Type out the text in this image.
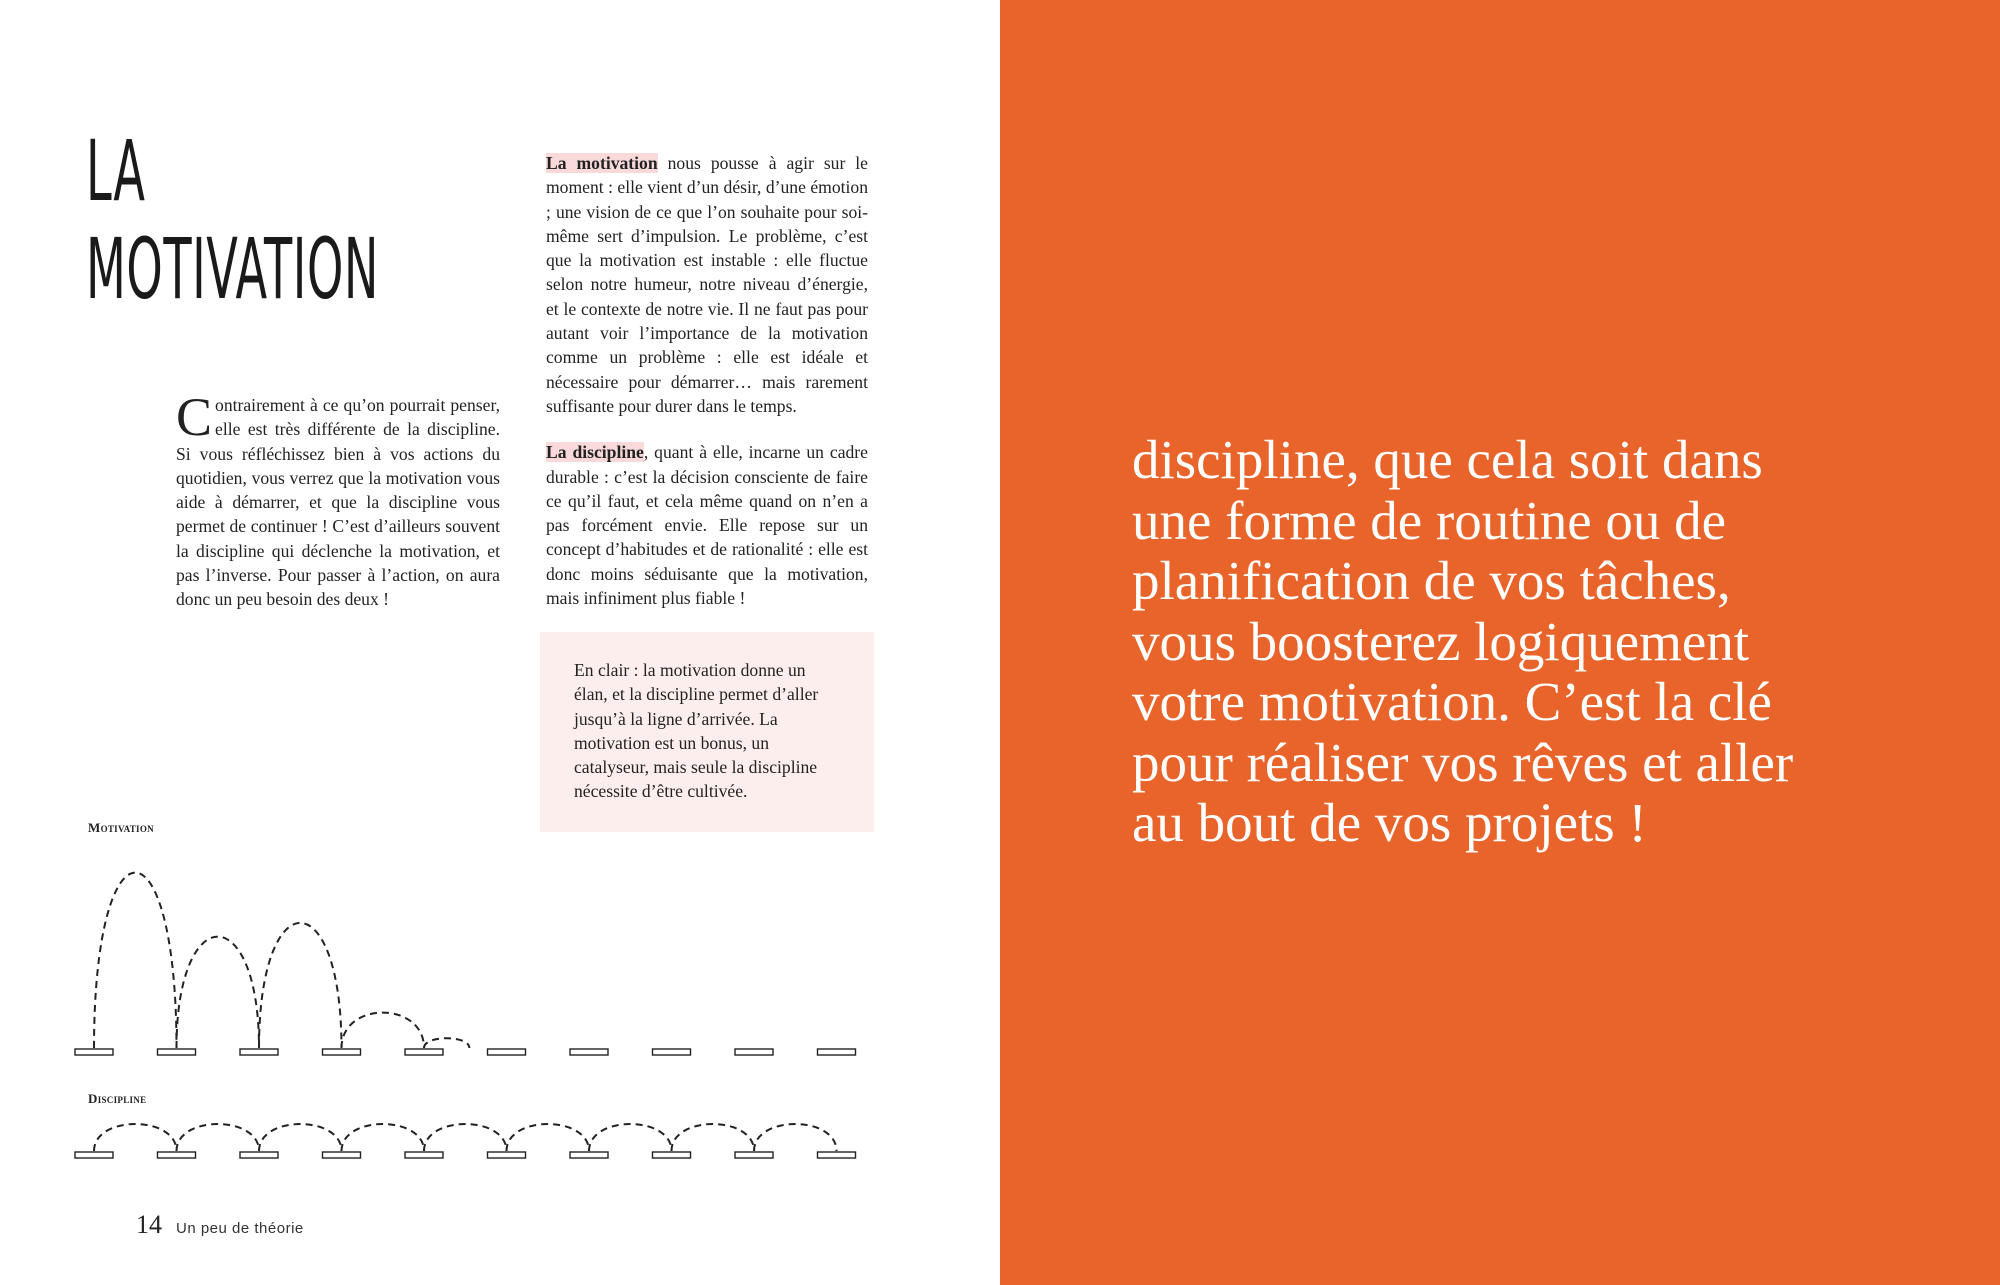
LA
MOTIVATION

Contrairement à ce qu’on pourrait penser, elle est très différente de la discipline. Si vous réfléchissez bien à vos actions du quotidien, vous verrez que la motivation vous aide à démarrer, et que la discipline vous permet de continuer ! C’est d’ailleurs souvent la discipline qui déclenche la motivation, et pas l’inverse. Pour passer à l’action, on aura donc un peu besoin des deux !

La motivation nous pousse à agir sur le moment : elle vient d’un désir, d’une émotion ; une vision de ce que l’on souhaite pour soi-même sert d’impulsion. Le problème, c’est que la motivation est instable : elle fluctue selon notre humeur, notre niveau d’énergie, et le contexte de notre vie. Il ne faut pas pour autant voir l’importance de la motivation comme un problème : elle est idéale et nécessaire pour démarrer… mais rarement suffisante pour durer dans le temps.

La discipline, quant à elle, incarne un cadre durable : c’est la décision consciente de faire ce qu’il faut, et cela même quand on n’en a pas forcément envie. Elle repose sur un concept d’habitudes et de rationalité : elle est donc moins séduisante que la motivation, mais infiniment plus fiable !

En clair : la motivation donne un élan, et la discipline permet d’aller jusqu’à la ligne d’arrivée. La motivation est un bonus, un catalyseur, mais seule la discipline nécessite d’être cultivée.

Motivation
Discipline
14 Un peu de théorie

discipline, que cela soit dans
une forme de routine ou de
planification de vos tâches,
vous boosterez logiquement
votre motivation. C’est la clé
pour réaliser vos rêves et aller
au bout de vos projets !
